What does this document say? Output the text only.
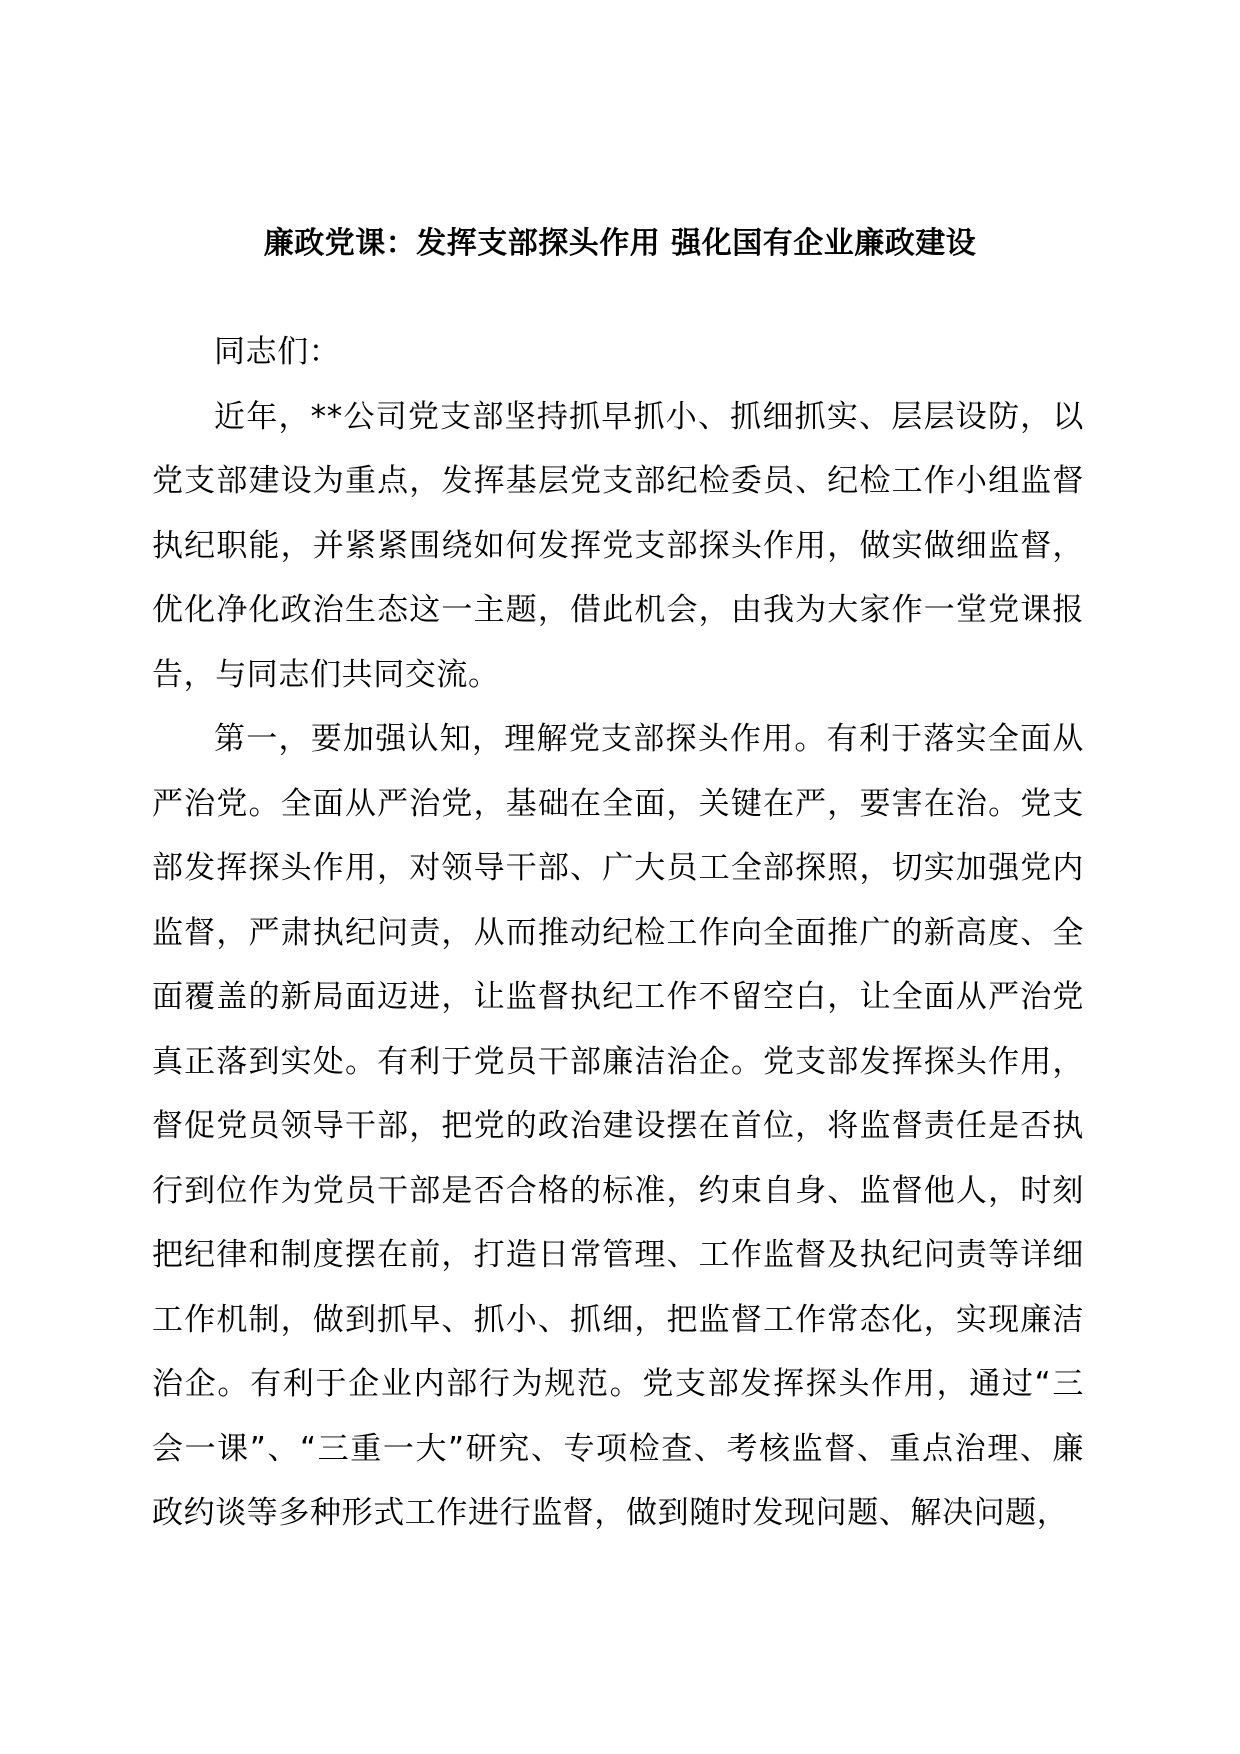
廉政党课：发挥支部探头作用 强化国有企业廉政建设

同志们：

近年，**公司党支部坚持抓早抓小、抓细抓实、层层设防，以党支部建设为重点，发挥基层党支部纪检委员、纪检工作小组监督执纪职能，并紧紧围绕如何发挥党支部探头作用，做实做细监督，优化净化政治生态这一主题，借此机会，由我为大家作一堂党课报告，与同志们共同交流。

第一，要加强认知，理解党支部探头作用。有利于落实全面从严治党。全面从严治党，基础在全面，关键在严，要害在治。党支部发挥探头作用，对领导干部、广大员工全部探照，切实加强党内监督，严肃执纪问责，从而推动纪检工作向全面推广的新高度、全面覆盖的新局面迈进，让监督执纪工作不留空白，让全面从严治党真正落到实处。有利于党员干部廉洁治企。党支部发挥探头作用，督促党员领导干部，把党的政治建设摆在首位，将监督责任是否执行到位作为党员干部是否合格的标准，约束自身、监督他人，时刻把纪律和制度摆在前，打造日常管理、工作监督及执纪问责等详细工作机制，做到抓早、抓小、抓细，把监督工作常态化，实现廉洁治企。有利于企业内部行为规范。党支部发挥探头作用，通过“三会一课”、“三重一大”研究、专项检查、考核监督、重点治理、廉政约谈等多种形式工作进行监督，做到随时发现问题、解决问题，
